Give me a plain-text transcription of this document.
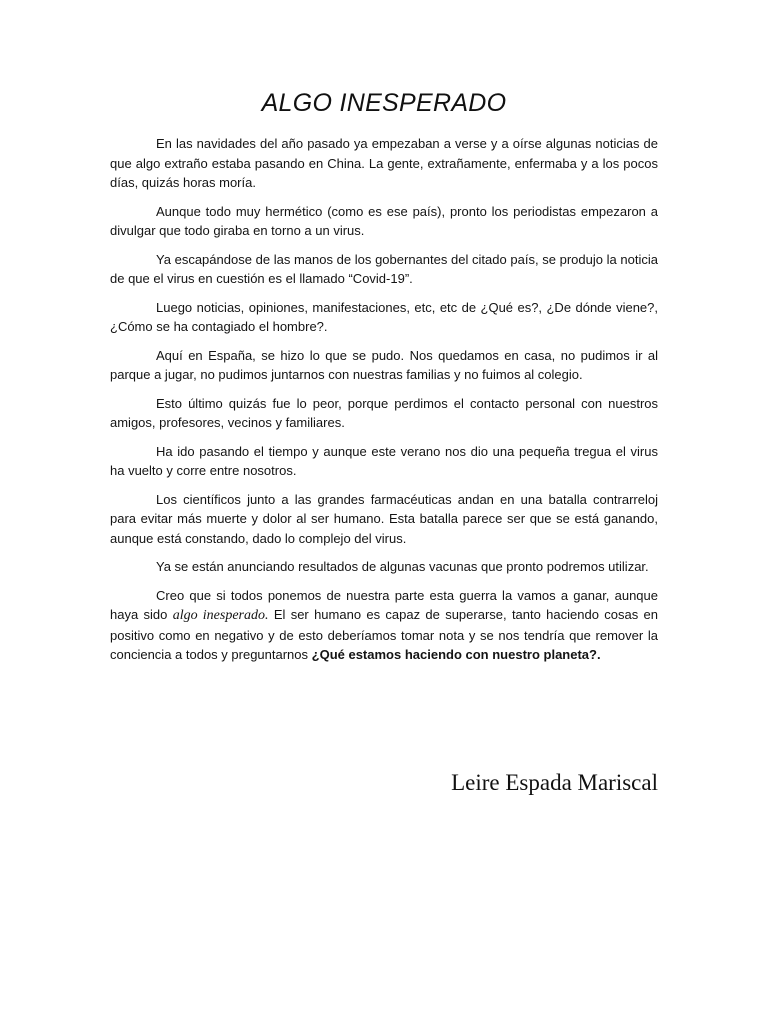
ALGO INESPERADO

En las navidades del año pasado ya empezaban a verse y a oírse algunas noticias de que algo extraño estaba pasando en China. La gente, extrañamente, enfermaba y a los pocos días, quizás horas moría.

Aunque todo muy hermético (como es ese país), pronto los periodistas empezaron a divulgar que todo giraba en torno a un virus.

Ya escapándose de las manos de los gobernantes del citado país, se produjo la noticia de que el virus en cuestión es el llamado “Covid-19”.

Luego noticias, opiniones, manifestaciones, etc, etc de ¿Qué es?, ¿De dónde viene?, ¿Cómo se ha contagiado el hombre?.

Aquí en España, se hizo lo que se pudo. Nos quedamos en casa, no pudimos ir al parque a jugar, no pudimos juntarnos con nuestras familias y no fuimos al colegio.

Esto último quizás fue lo peor, porque perdimos el contacto personal con nuestros amigos, profesores, vecinos y familiares.

Ha ido pasando el tiempo y aunque este verano nos dio una pequeña tregua el virus ha vuelto y corre entre nosotros.

Los científicos junto a las grandes farmacéuticas andan en una batalla contrarreloj para evitar más muerte y dolor al ser humano. Esta batalla parece ser que se está ganando, aunque está constando, dado lo complejo del virus.

Ya se están anunciando resultados de algunas vacunas que pronto podremos utilizar.

Creo que si todos ponemos de nuestra parte esta guerra la vamos a ganar, aunque haya sido algo inesperado. El ser humano es capaz de superarse, tanto haciendo cosas en positivo como en negativo y de esto deberíamos tomar nota y se nos tendría que remover la conciencia a todos y preguntarnos ¿Qué estamos haciendo con nuestro planeta?.

Leire Espada Mariscal
